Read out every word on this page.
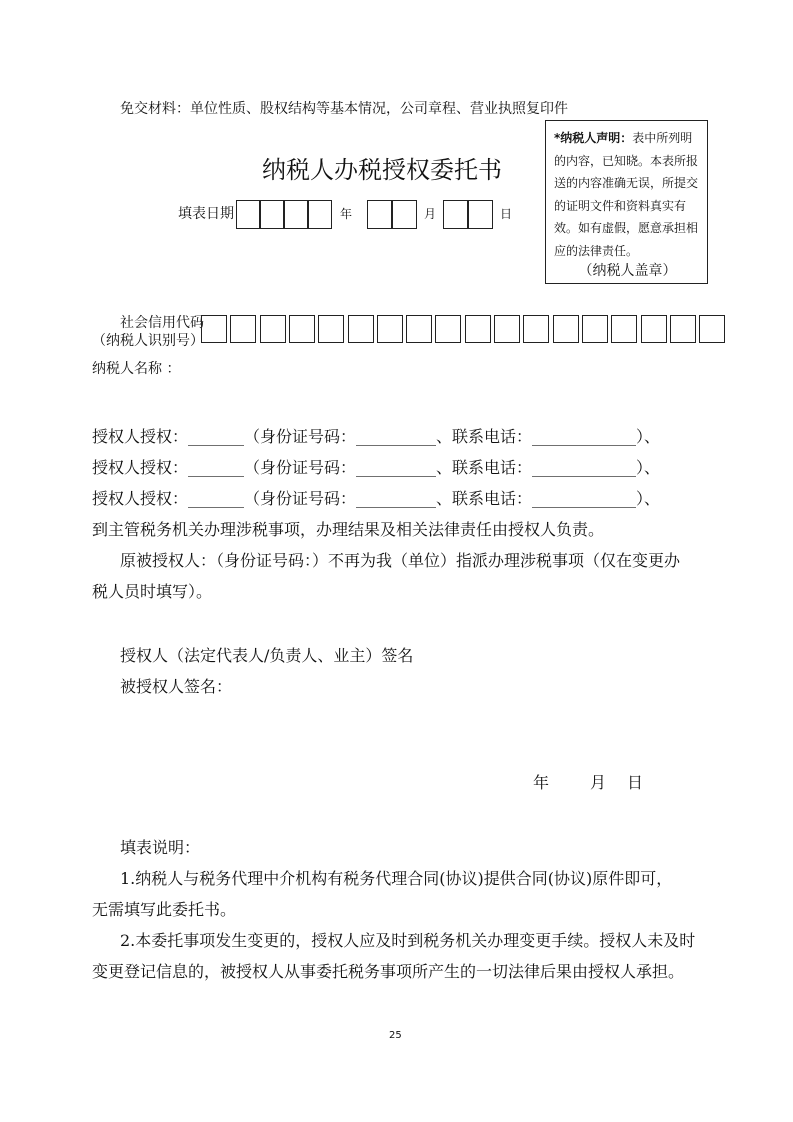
免交材料：单位性质、股权结构等基本情况，公司章程、营业执照复印件
纳税人办税授权委托书
填表日期	年	月	日
*纳税人声明：表中所列明的内容，已知晓。本表所报送的内容准确无误，所提交的证明文件和资料真实有效。如有虚假，愿意承担相应的法律责任。
（纳税人盖章）
社会信用代码
（纳税人识别号）
纳税人名称 ：
授权人授权：_______（身份证号码：__________、联系电话：_____________）、
授权人授权：_______（身份证号码：__________、联系电话：_____________）、
授权人授权：_______（身份证号码：__________、联系电话：_____________）、
到主管税务机关办理涉税事项，办理结果及相关法律责任由授权人负责。
原被授权人：（身份证号码：）不再为我（单位）指派办理涉税事项（仅在变更办
税人员时填写）。
授权人（法定代表人/负责人、业主）签名
被授权人签名：
年	月 日
填表说明：
1.纳税人与税务代理中介机构有税务代理合同(协议)提供合同(协议)原件即可，
无需填写此委托书。
2.本委托事项发生变更的，授权人应及时到税务机关办理变更手续。授权人未及时
变更登记信息的，被授权人从事委托税务事项所产生的一切法律后果由授权人承担。
25
